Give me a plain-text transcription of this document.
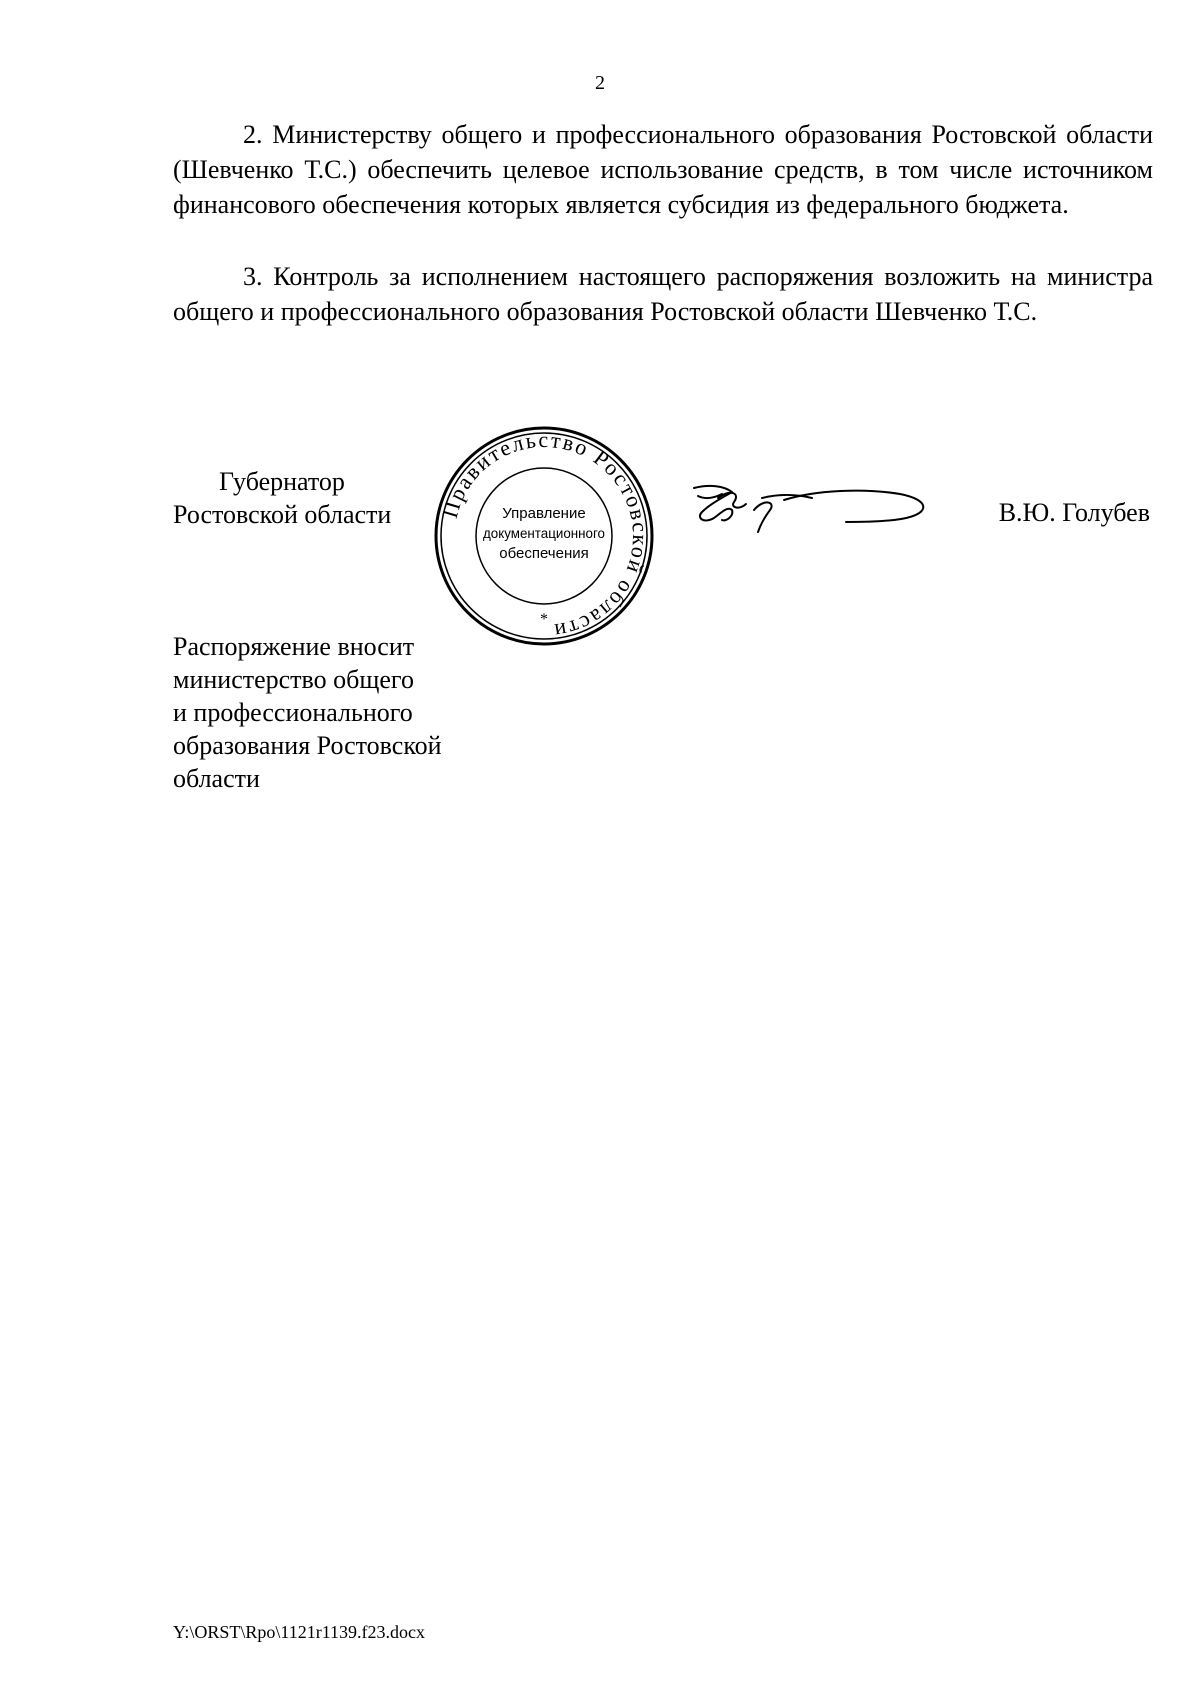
2

2. Министерству общего и профессионального образования Ростовской области (Шевченко Т.С.) обеспечить целевое использование средств, в том числе источником финансового обеспечения которых является субсидия из федерального бюджета.

3. Контроль за исполнением настоящего распоряжения возложить на министра общего и профессионального образования Ростовской области Шевченко Т.С.

Губернатор
Ростовской области Правительство Ростовской области
Управление
документационного
обеспечения
*
В.Ю. Голубев
Распоряжение вносит
министерство общего
и профессионального
образования Ростовской
области
Y:\ORST\Rpo\1121r1139.f23.docx
